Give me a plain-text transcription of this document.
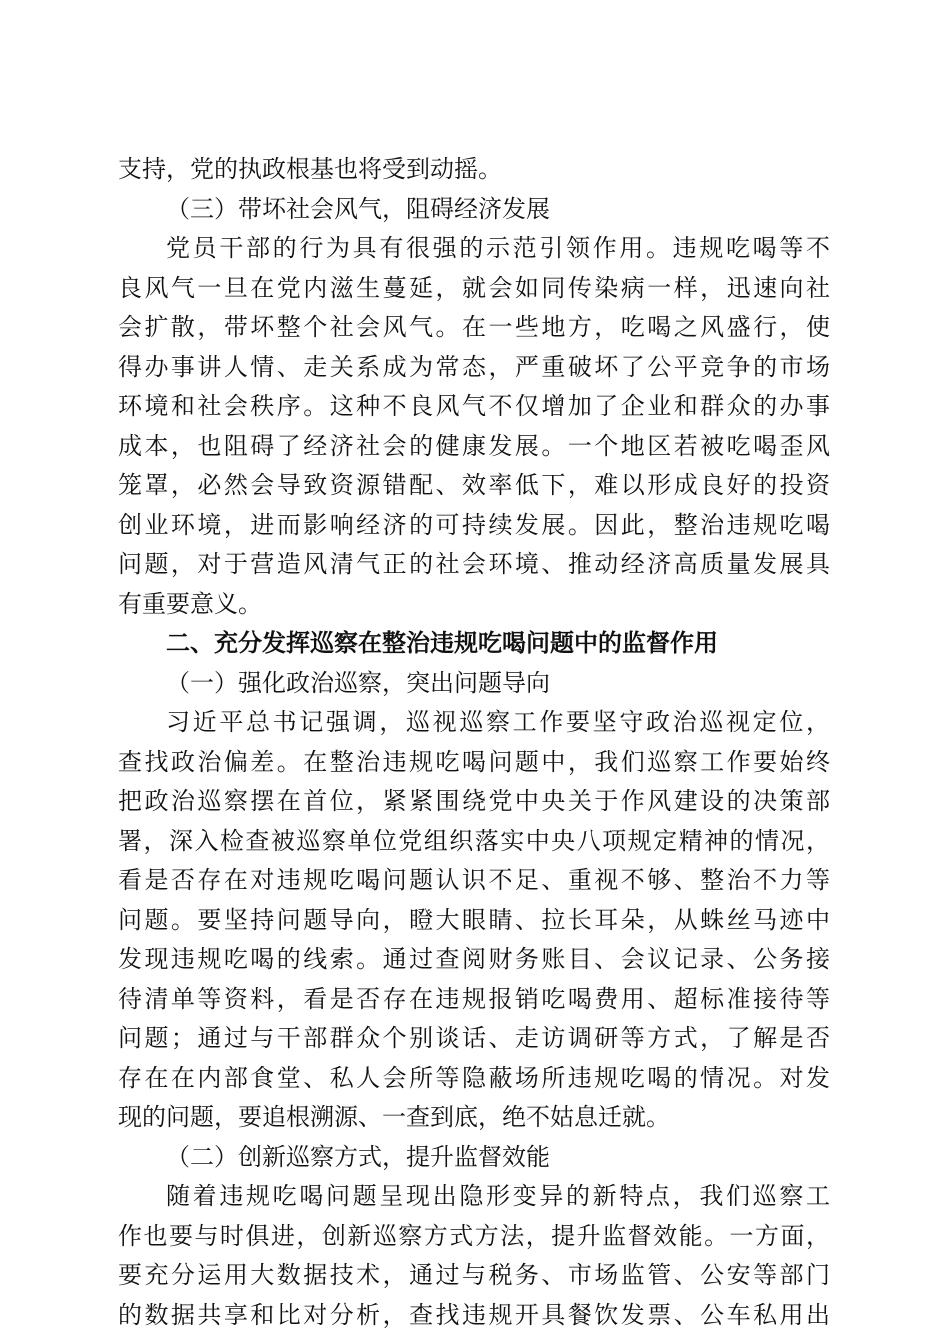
支持，党的执政根基也将受到动摇。
（三）带坏社会风气，阻碍经济发展
党员干部的行为具有很强的示范引领作用。违规吃喝等不
良风气一旦在党内滋生蔓延，就会如同传染病一样，迅速向社
会扩散，带坏整个社会风气。在一些地方，吃喝之风盛行，使
得办事讲人情、走关系成为常态，严重破坏了公平竞争的市场
环境和社会秩序。这种不良风气不仅增加了企业和群众的办事
成本，也阻碍了经济社会的健康发展。一个地区若被吃喝歪风
笼罩，必然会导致资源错配、效率低下，难以形成良好的投资
创业环境，进而影响经济的可持续发展。因此，整治违规吃喝
问题，对于营造风清气正的社会环境、推动经济高质量发展具
有重要意义。
二、充分发挥巡察在整治违规吃喝问题中的监督作用
（一）强化政治巡察，突出问题导向
习近平总书记强调，巡视巡察工作要坚守政治巡视定位，
查找政治偏差。在整治违规吃喝问题中，我们巡察工作要始终
把政治巡察摆在首位，紧紧围绕党中央关于作风建设的决策部
署，深入检查被巡察单位党组织落实中央八项规定精神的情况，
看是否存在对违规吃喝问题认识不足、重视不够、整治不力等
问题。要坚持问题导向，瞪大眼睛、拉长耳朵，从蛛丝马迹中
发现违规吃喝的线索。通过查阅财务账目、会议记录、公务接
待清单等资料，看是否存在违规报销吃喝费用、超标准接待等
问题；通过与干部群众个别谈话、走访调研等方式，了解是否
存在在内部食堂、私人会所等隐蔽场所违规吃喝的情况。对发
现的问题，要追根溯源、一查到底，绝不姑息迁就。
（二）创新巡察方式，提升监督效能
随着违规吃喝问题呈现出隐形变异的新特点，我们巡察工
作也要与时俱进，创新巡察方式方法，提升监督效能。一方面，
要充分运用大数据技术，通过与税务、市场监管、公安等部门
的数据共享和比对分析，查找违规开具餐饮发票、公车私用出
